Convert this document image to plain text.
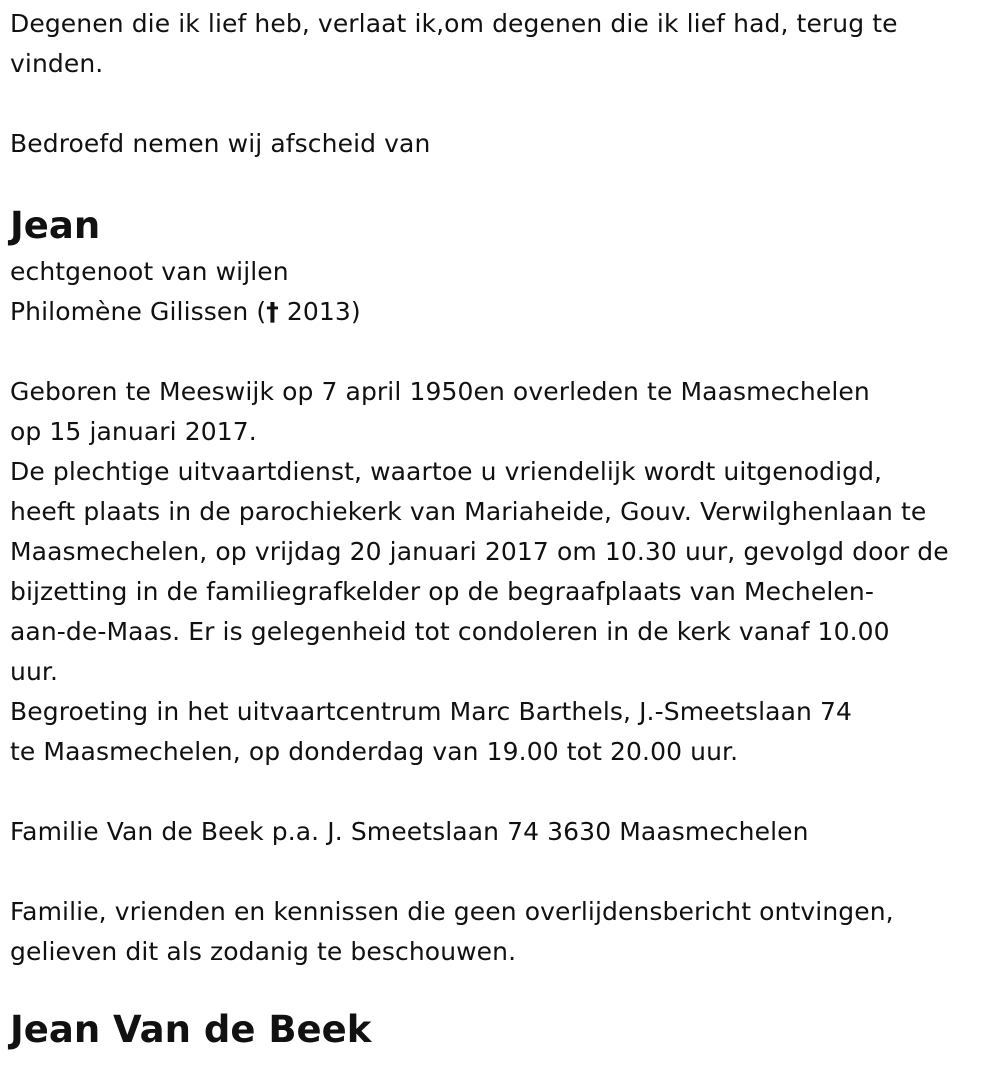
Degenen die ik lief heb, verlaat ik,om degenen die ik lief had, terug te
vinden.
Bedroefd nemen wij afscheid van
Jean
echtgenoot van wijlen
Philomène Gilissen († 2013)
Geboren te Meeswijk op 7 april 1950en overleden te Maasmechelen
op 15 januari 2017.
De plechtige uitvaartdienst, waartoe u vriendelijk wordt uitgenodigd,
heeft plaats in de parochiekerk van Mariaheide, Gouv. Verwilghenlaan te
Maasmechelen, op vrijdag 20 januari 2017 om 10.30 uur, gevolgd door de
bijzetting in de familiegrafkelder op de begraafplaats van Mechelen-
aan-de-Maas. Er is gelegenheid tot condoleren in de kerk vanaf 10.00
uur.
Begroeting in het uitvaartcentrum Marc Barthels, J.-Smeetslaan 74
te Maasmechelen, op donderdag van 19.00 tot 20.00 uur.
Familie Van de Beek p.a. J. Smeetslaan 74 3630 Maasmechelen
Familie, vrienden en kennissen die geen overlijdensbericht ontvingen,
gelieven dit als zodanig te beschouwen.
Jean Van de Beek
